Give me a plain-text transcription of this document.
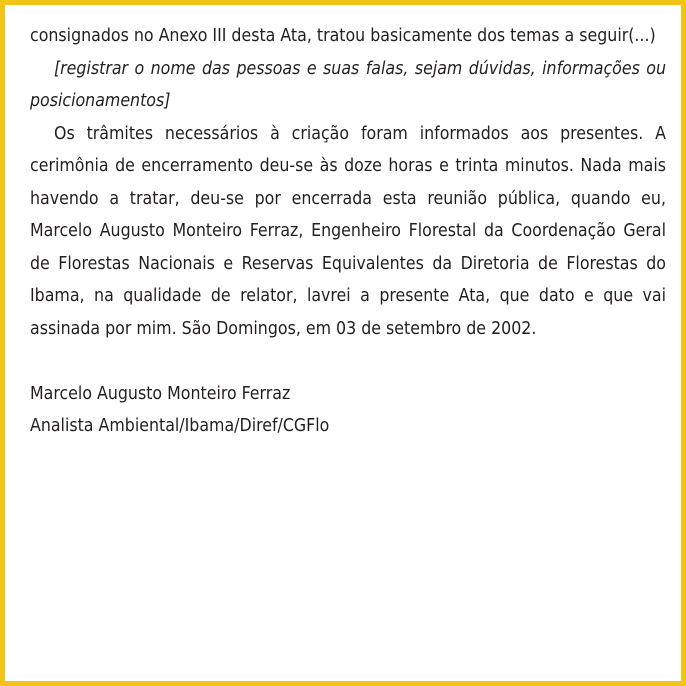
consignados no Anexo III desta Ata, tratou basicamente dos temas a seguir(...)

[registrar o nome das pessoas e suas falas, sejam dúvidas, informações ou posicionamentos]

Os trâmites necessários à criação foram informados aos presentes. A cerimônia de encerramento deu-se às doze horas e trinta minutos. Nada mais havendo a tratar, deu-se por encerrada esta reunião pública, quando eu, Marcelo Augusto Monteiro Ferraz, Engenheiro Florestal da Coordenação Geral de Florestas Nacionais e Reservas Equivalentes da Diretoria de Florestas do Ibama, na qualidade de relator, lavrei a presente Ata, que dato e que vai assinada por mim. São Domingos, em 03 de setembro de 2002.

Marcelo Augusto Monteiro Ferraz

Analista Ambiental/Ibama/Diref/CGFlo
